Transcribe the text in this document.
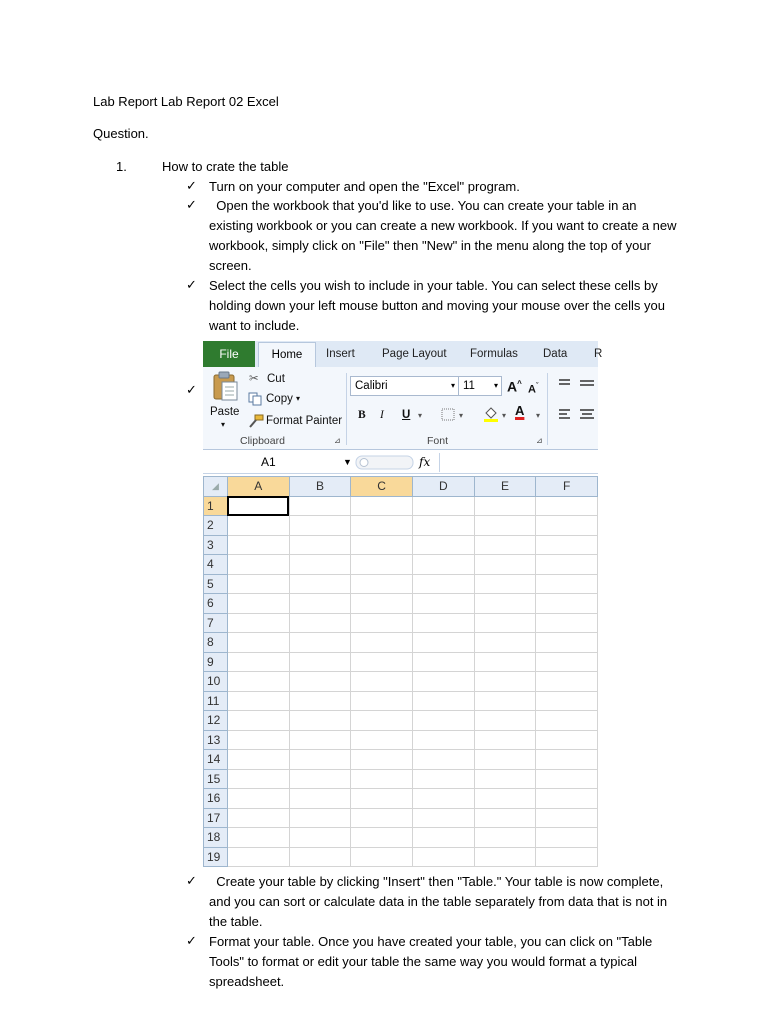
Lab Report Lab Report 02 Excel
Question.
1.	How to crate the table
✓ Turn on your computer and open the "Excel" program.
✓ Open the workbook that you'd like to use. You can create your table in an existing workbook or you can create a new workbook. If you want to create a new workbook, simply click on "File" then "New" in the menu along the top of your screen.
✓ Select the cells you wish to include in your table. You can select these cells by holding down your left mouse button and moving your mouse over the cells you want to include.
✓
File	Home	Insert Page Layout Formulas Data R
Paste
▾
✂ Cut
Copy ▾
Format Painter
Clipboard	⊿
Calibri	▾ 11 ▾ A^
$A^ˇ$
B I U ▾	▾	▾ A ▾
Font	⊿
A1	▼	fx
◢	A	B	C	D	E	F
1						
2						
3						
4						
5						
6						
7						
8						
9						
10						
11						
12						
13						
14						
15						
16						
17						
18						
19						
✓ Create your table by clicking "Insert" then "Table." Your table is now complete, and you can sort or calculate data in the table separately from data that is not in the table.
✓ Format your table. Once you have created your table, you can click on "Table Tools" to format or edit your table the same way you would format a typical spreadsheet.
